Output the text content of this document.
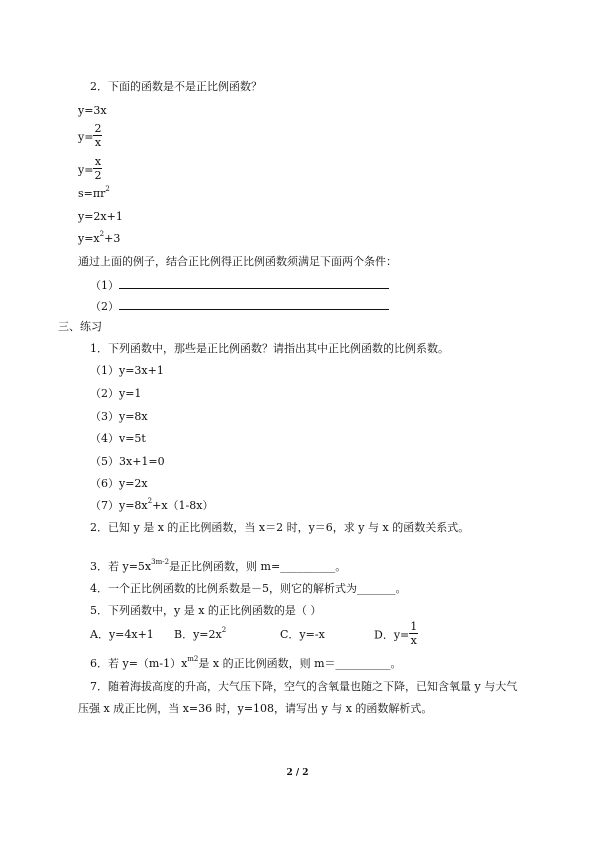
2．下面的函数是不是正比例函数？
y=3x
$y= \frac{2}{x}$
$y= \frac{x}{2}$
$s=\pi r^2$
y=2x+1
$y=x^2+3$
通过上面的例子，结合正比例得正比例函数须满足下面两个条件：
（1）
（2）
三、练习
1．下列函数中，那些是正比例函数？请指出其中正比例函数的比例系数。
（1）y=3x+1
（2）y=1
（3）y=8x
（4）v=5t
（5）3x+1=0
（6）y=2x
$(7)y=8x^2+x(1-8x)$
2．已知 y 是 x 的正比例函数，当 x＝2 时，y＝6，求 y 与 x 的函数关系式。
3．若 $y=5x^{3m-2}$是正比例函数，则 m=__________。
4．一个正比例函数的比例系数是－5，则它的解析式为_______。
5．下列函数中，y 是 x 的正比例函数的是（ ）
A．y=4x+1 B．$y=2x^2$	C．y=-x	D．$y= \frac{1}{x}$
6．若 $y=(m-1)x^{m2}$是 x 的正比例函数，则 m＝__________。
7．随着海拔高度的升高，大气压下降，空气的含氧量也随之下降，已知含氧量 y 与大气
压强 x 成正比例，当 x=36 时，y=108，请写出 y 与 x 的函数解析式。
2 / 2
